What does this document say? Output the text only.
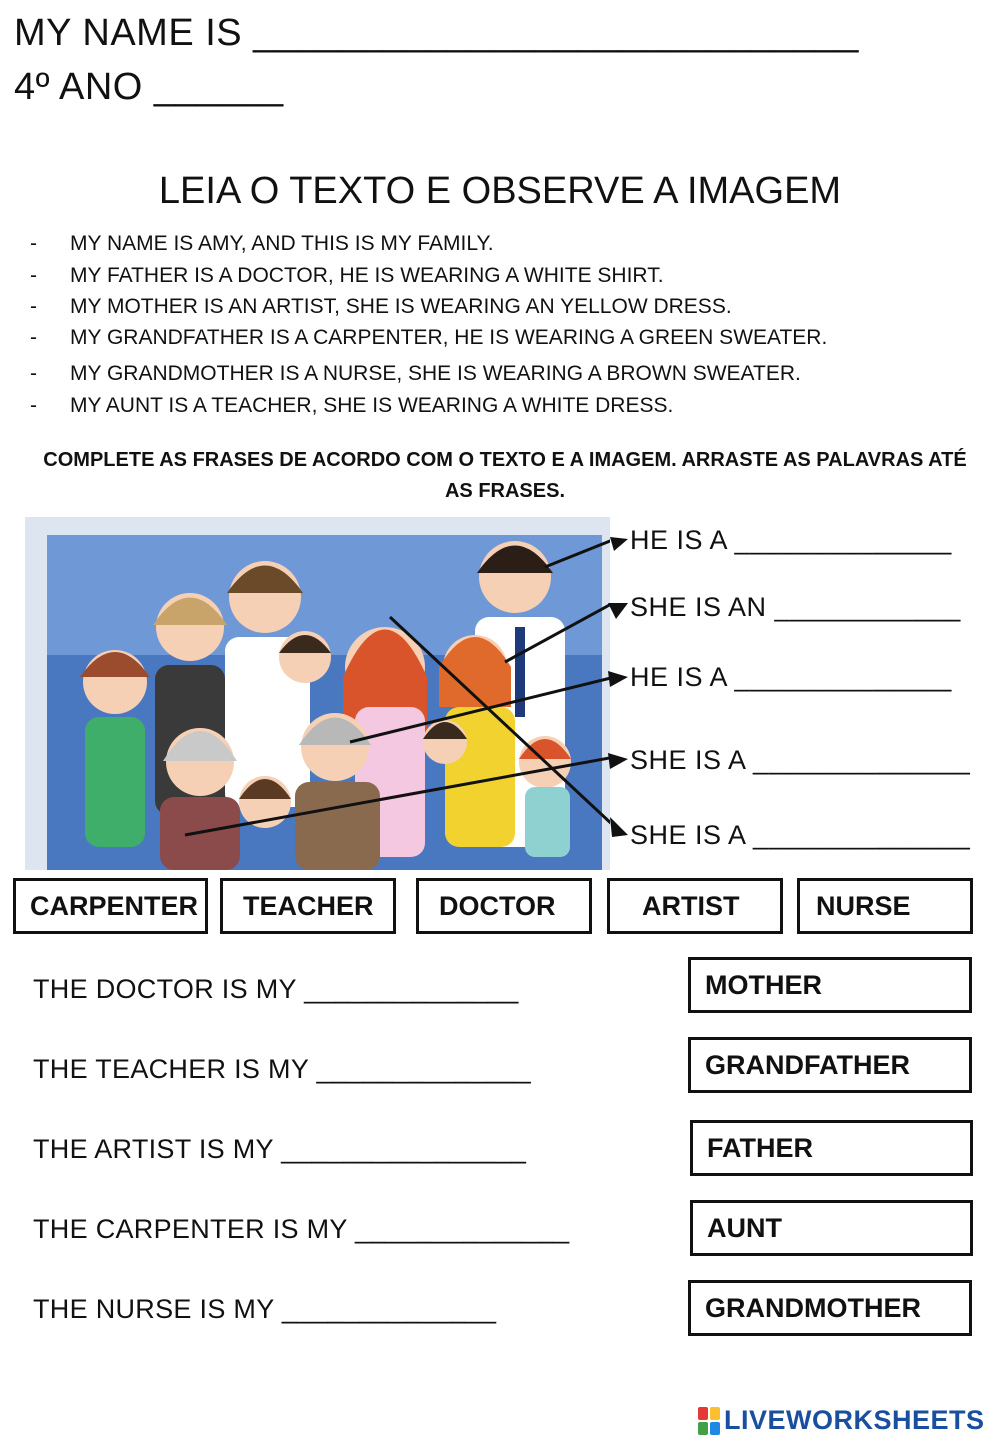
MY NAME IS ____________________________
4º ANO ______
LEIA O TEXTO E OBSERVE A IMAGEM
- MY NAME IS AMY, AND THIS IS MY FAMILY.
- MY FATHER IS A DOCTOR, HE IS WEARING A WHITE SHIRT.
- MY MOTHER IS AN ARTIST, SHE IS WEARING AN YELLOW DRESS.
- MY GRANDFATHER IS A CARPENTER, HE IS WEARING A GREEN SWEATER.
- MY GRANDMOTHER IS A NURSE, SHE IS WEARING A BROWN SWEATER.
- MY AUNT IS A TEACHER, SHE IS WEARING A WHITE DRESS.
COMPLETE AS FRASES DE ACORDO COM O TEXTO E A IMAGEM. ARRASTE AS PALAVRAS ATÉ AS FRASES.
HE IS A ______________
SHE IS AN ____________
HE IS A ______________
SHE IS A ______________
SHE IS A ______________
CARPENTER TEACHER DOCTOR	ARTIST	NURSE
THE DOCTOR IS MY ______________
THE TEACHER IS MY ______________
THE ARTIST IS MY ________________
THE CARPENTER IS MY ______________
THE NURSE IS MY ______________
MOTHER
GRANDFATHER
FATHER
AUNT
GRANDMOTHER
LIVEWORKSHEETS
